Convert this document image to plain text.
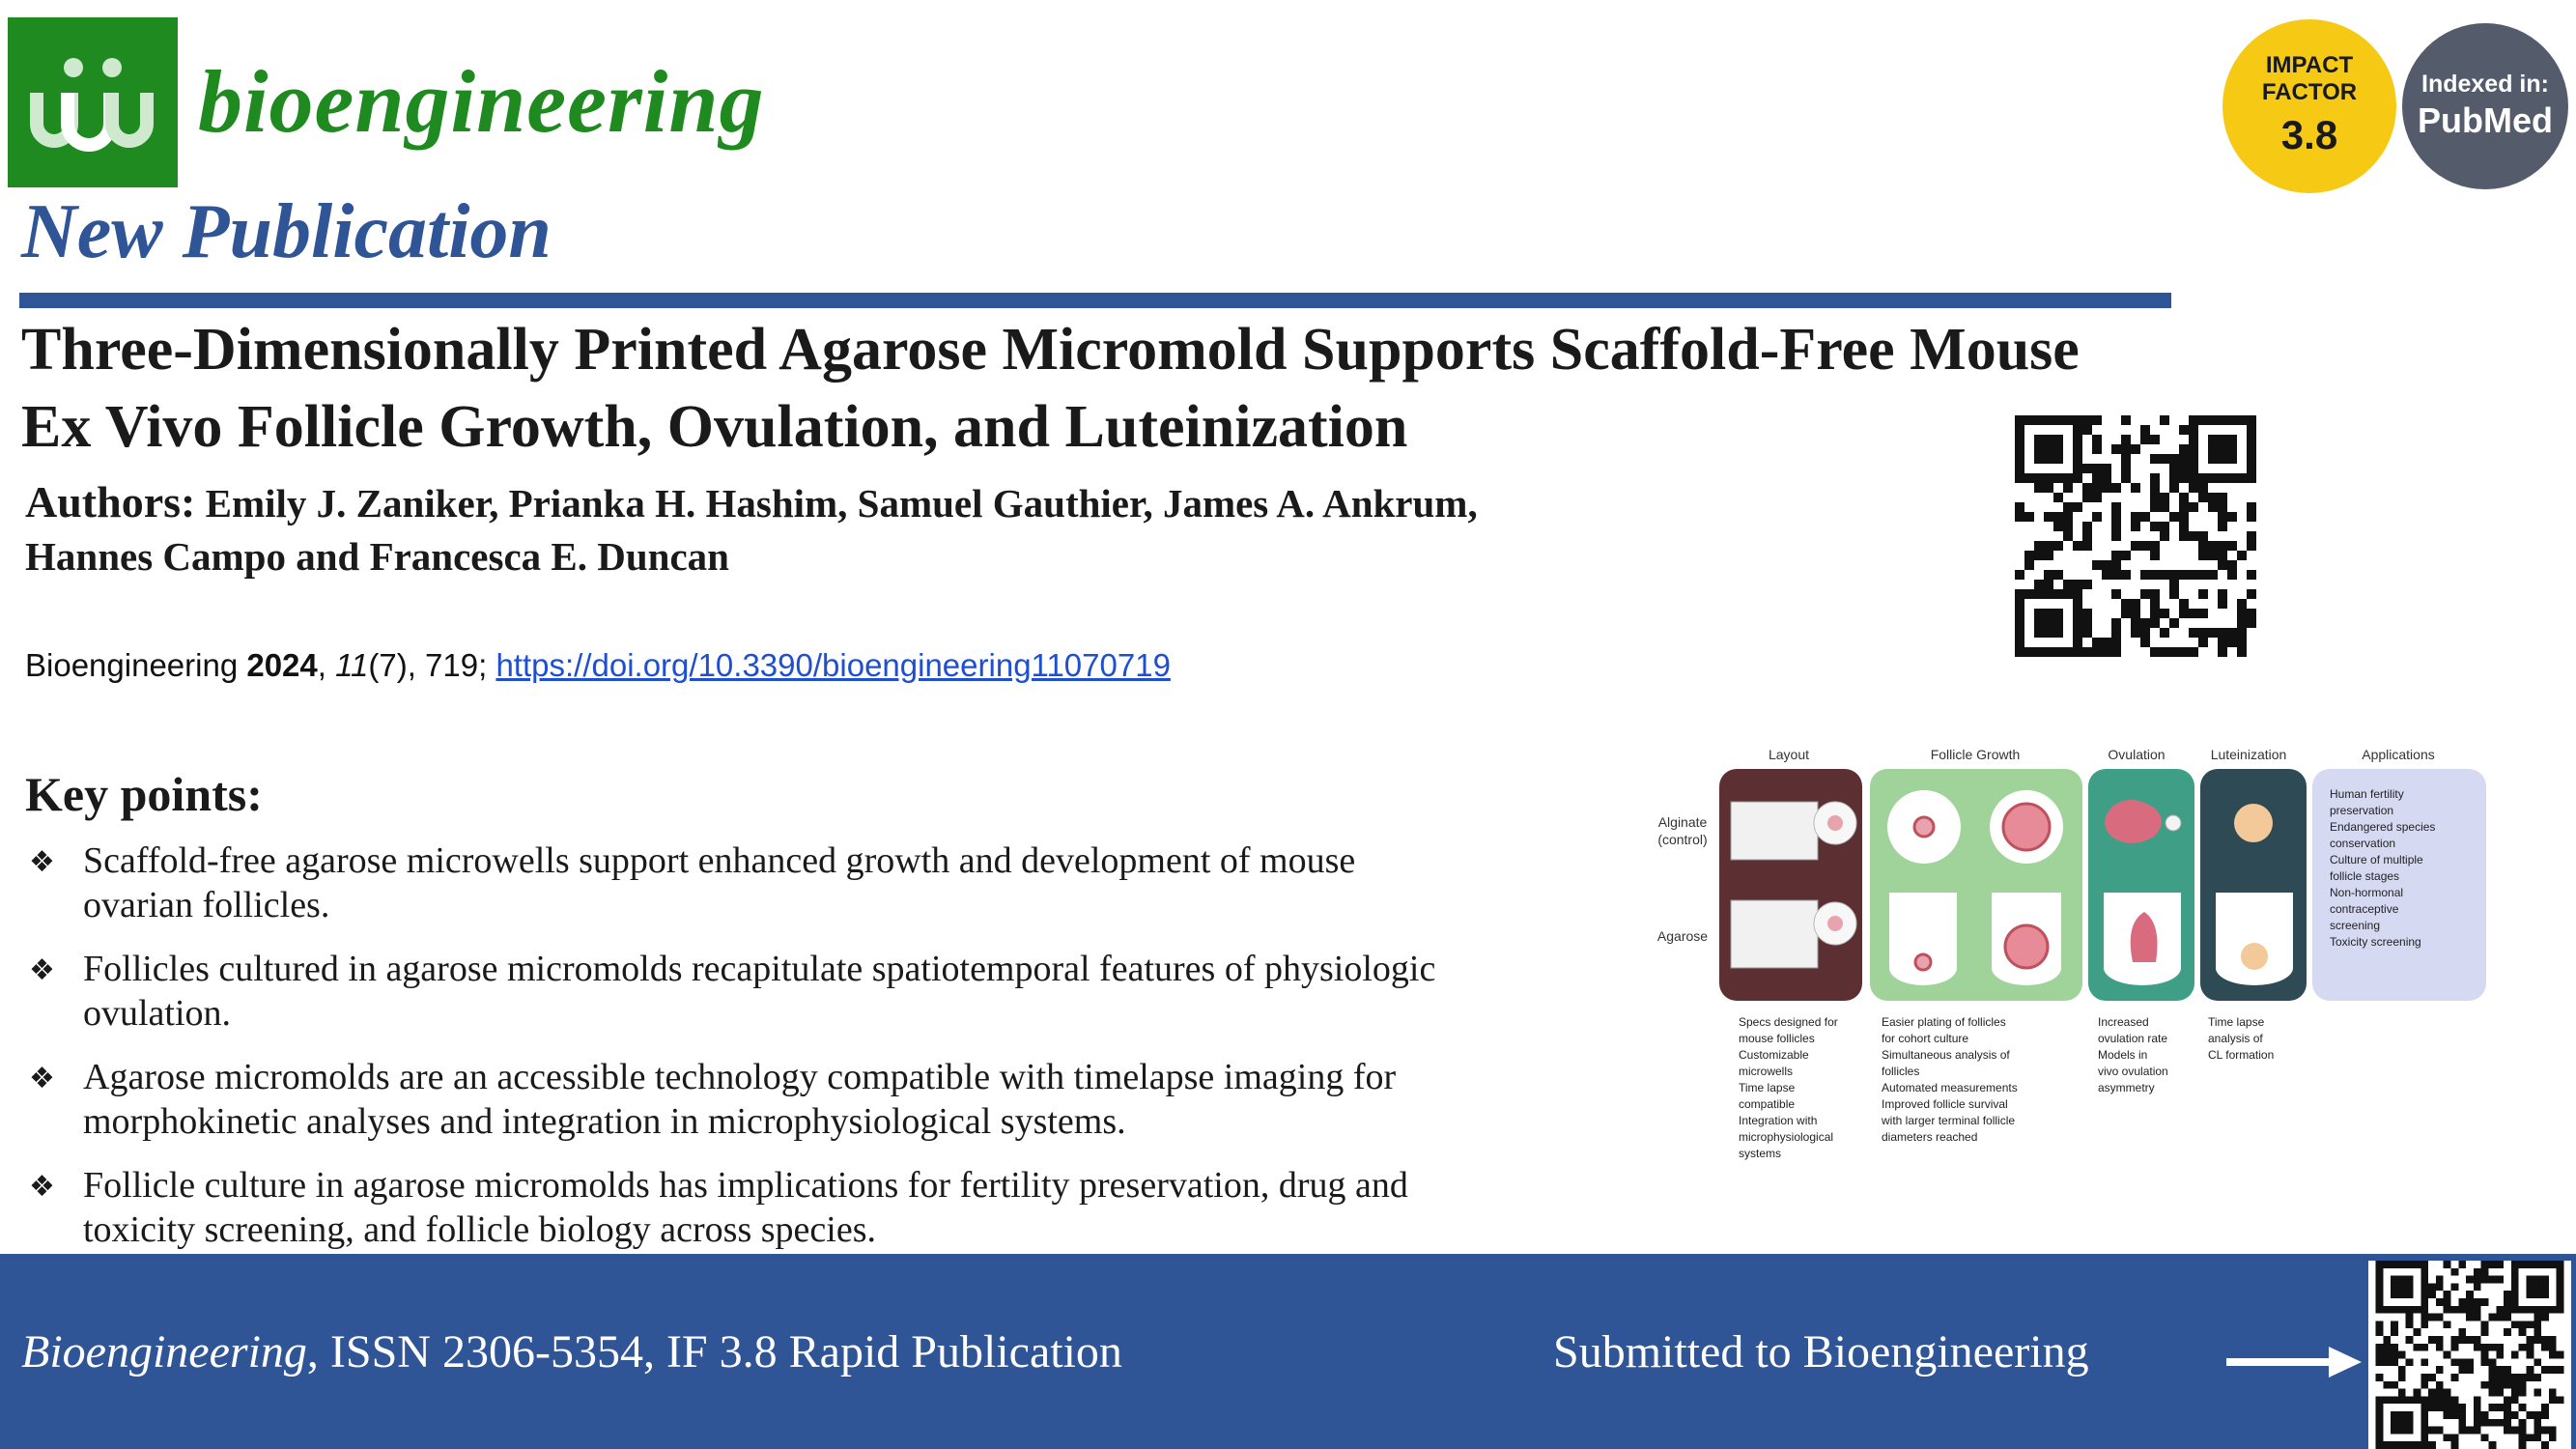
bioengineering
New Publication
IMPACT
FACTOR
3.8
Indexed in:
PubMed
Three-Dimensionally Printed Agarose Micromold Supports Scaffold-Free Mouse
Ex Vivo Follicle Growth, Ovulation, and Luteinization
Authors: Emily J. Zaniker, Prianka H. Hashim, Samuel Gauthier, James A. Ankrum,
Hannes Campo and Francesca E. Duncan
Bioengineering 2024, 11(7), 719; https://doi.org/10.3390/bioengineering11070719
Key points:
❖ Scaffold-free agarose microwells support enhanced growth and development of mouse
ovarian follicles.
❖ Follicles cultured in agarose micromolds recapitulate spatiotemporal features of physiologic
ovulation.
❖ Agarose micromolds are an accessible technology compatible with timelapse imaging for
morphokinetic analyses and integration in microphysiological systems.
❖ Follicle culture in agarose micromolds has implications for fertility preservation, drug and
toxicity screening, and follicle biology across species.
Layout	Follicle Growth	Ovulation	Luteinization	Applications
Alginate
(control)
Agarose
Human fertility
preservation
Endangered species
conservation
Culture of multiple
follicle stages
Non-hormonal
contraceptive
screening
Toxicity screening
Specs designed for
mouse follicles
Customizable
microwells
Time lapse
compatible
Integration with
microphysiological
systems
Easier plating of follicles
for cohort culture
Simultaneous analysis of
follicles
Automated measurements
Improved follicle survival
with larger terminal follicle
diameters reached
Increased
ovulation rate
Models in
vivo ovulation
asymmetry
Time lapse
analysis of
CL formation
Bioengineering, ISSN 2306-5354, IF 3.8 Rapid Publication	Submitted to Bioengineering
